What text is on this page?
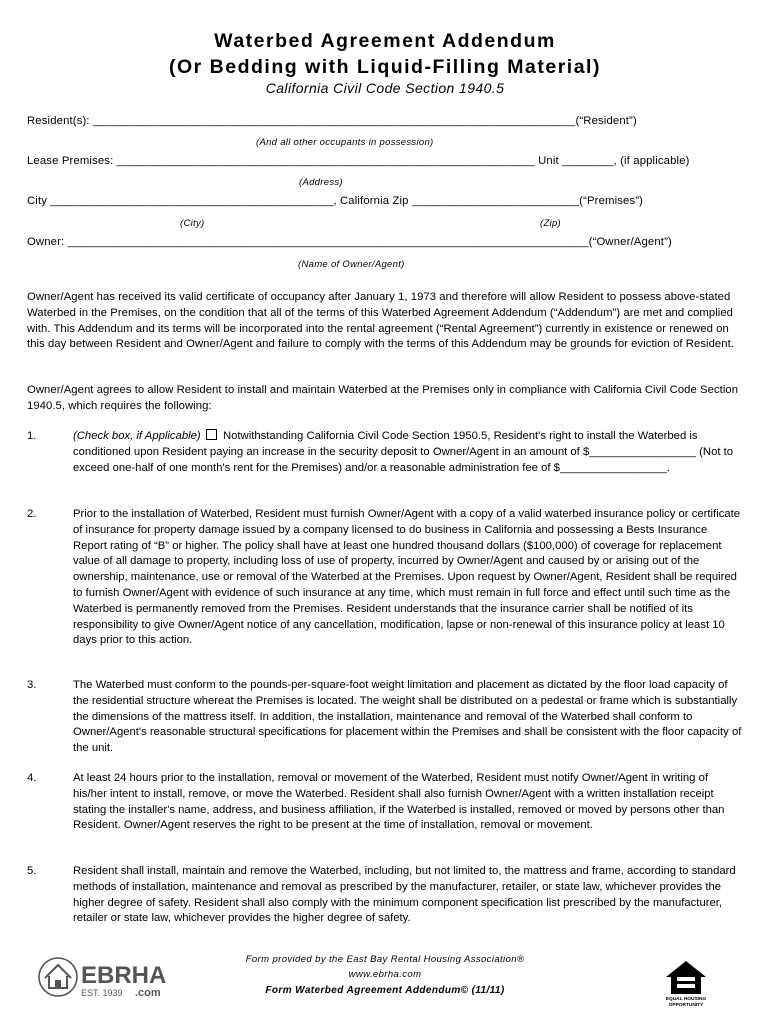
Waterbed Agreement Addendum
(Or Bedding with Liquid-Filling Material)
California Civil Code Section 1940.5
Resident(s): ___________________________________________________________________________(“Resident”)
(And all other occupants in possession)
Lease Premises: _________________________________________________________________ Unit ________, (if applicable)
(Address)
City ____________________________________________, California Zip __________________________(“Premises”)
(City)	(Zip)
Owner: _________________________________________________________________________________(“Owner/Agent”)
(Name of Owner/Agent)
Owner/Agent has received its valid certificate of occupancy after January 1, 1973 and therefore will allow Resident to possess above-stated Waterbed in the Premises, on the condition that all of the terms of this Waterbed Agreement Addendum (“Addendum”) are met and complied with. This Addendum and its terms will be incorporated into the rental agreement (“Rental Agreement”) currently in existence or renewed on this day between Resident and Owner/Agent and failure to comply with the terms of this Addendum may be grounds for eviction of Resident.
Owner/Agent agrees to allow Resident to install and maintain Waterbed at the Premises only in compliance with California Civil Code Section 1940.5, which requires the following:
1.	(Check box, if Applicable) Notwithstanding California Civil Code Section 1950.5, Resident's right to install the Waterbed is conditioned upon Resident paying an increase in the security deposit to Owner/Agent in an amount of $_________________ (Not to exceed one-half of one month's rent for the Premises) and/or a reasonable administration fee of $_________________.
2.	Prior to the installation of Waterbed, Resident must furnish Owner/Agent with a copy of a valid waterbed insurance policy or certificate of insurance for property damage issued by a company licensed to do business in California and possessing a Bests Insurance Report rating of “B” or higher. The policy shall have at least one hundred thousand dollars ($100,000) of coverage for replacement value of all damage to property, including loss of use of property, incurred by Owner/Agent and caused by or arising out of the ownership, maintenance, use or removal of the Waterbed at the Premises. Upon request by Owner/Agent, Resident shall be required to furnish Owner/Agent with evidence of such insurance at any time, which must remain in full force and effect until such time as the Waterbed is permanently removed from the Premises. Resident understands that the insurance carrier shall be notified of its responsibility to give Owner/Agent notice of any cancellation, modification, lapse or non-renewal of this insurance policy at least 10 days prior to this action.
3.	The Waterbed must conform to the pounds-per-square-foot weight limitation and placement as dictated by the floor load capacity of the residential structure whereat the Premises is located. The weight shall be distributed on a pedestal or frame which is substantially the dimensions of the mattress itself. In addition, the installation, maintenance and removal of the Waterbed shall conform to Owner/Agent's reasonable structural specifications for placement within the Premises and shall be consistent with the floor capacity of the unit.
4.	At least 24 hours prior to the installation, removal or movement of the Waterbed, Resident must notify Owner/Agent in writing of his/her intent to install, remove, or move the Waterbed. Resident shall also furnish Owner/Agent with a written installation receipt stating the installer's name, address, and business affiliation, if the Waterbed is installed, removed or moved by persons other than Resident. Owner/Agent reserves the right to be present at the time of installation, removal or movement.
5.	Resident shall install, maintain and remove the Waterbed, including, but not limited to, the mattress and frame, according to standard methods of installation, maintenance and removal as prescribed by the manufacturer, retailer, or state law, whichever provides the higher degree of safety. Resident shall also comply with the minimum component specification list prescribed by the manufacturer, retailer or state law, whichever provides the higher degree of safety.
EBRHA
EST. 1939 .com
Form provided by the East Bay Rental Housing Association®
www.ebrha.com
Form Waterbed Agreement Addendum© (11/11)
EQUAL HOUSING
OPPORTUNITY
